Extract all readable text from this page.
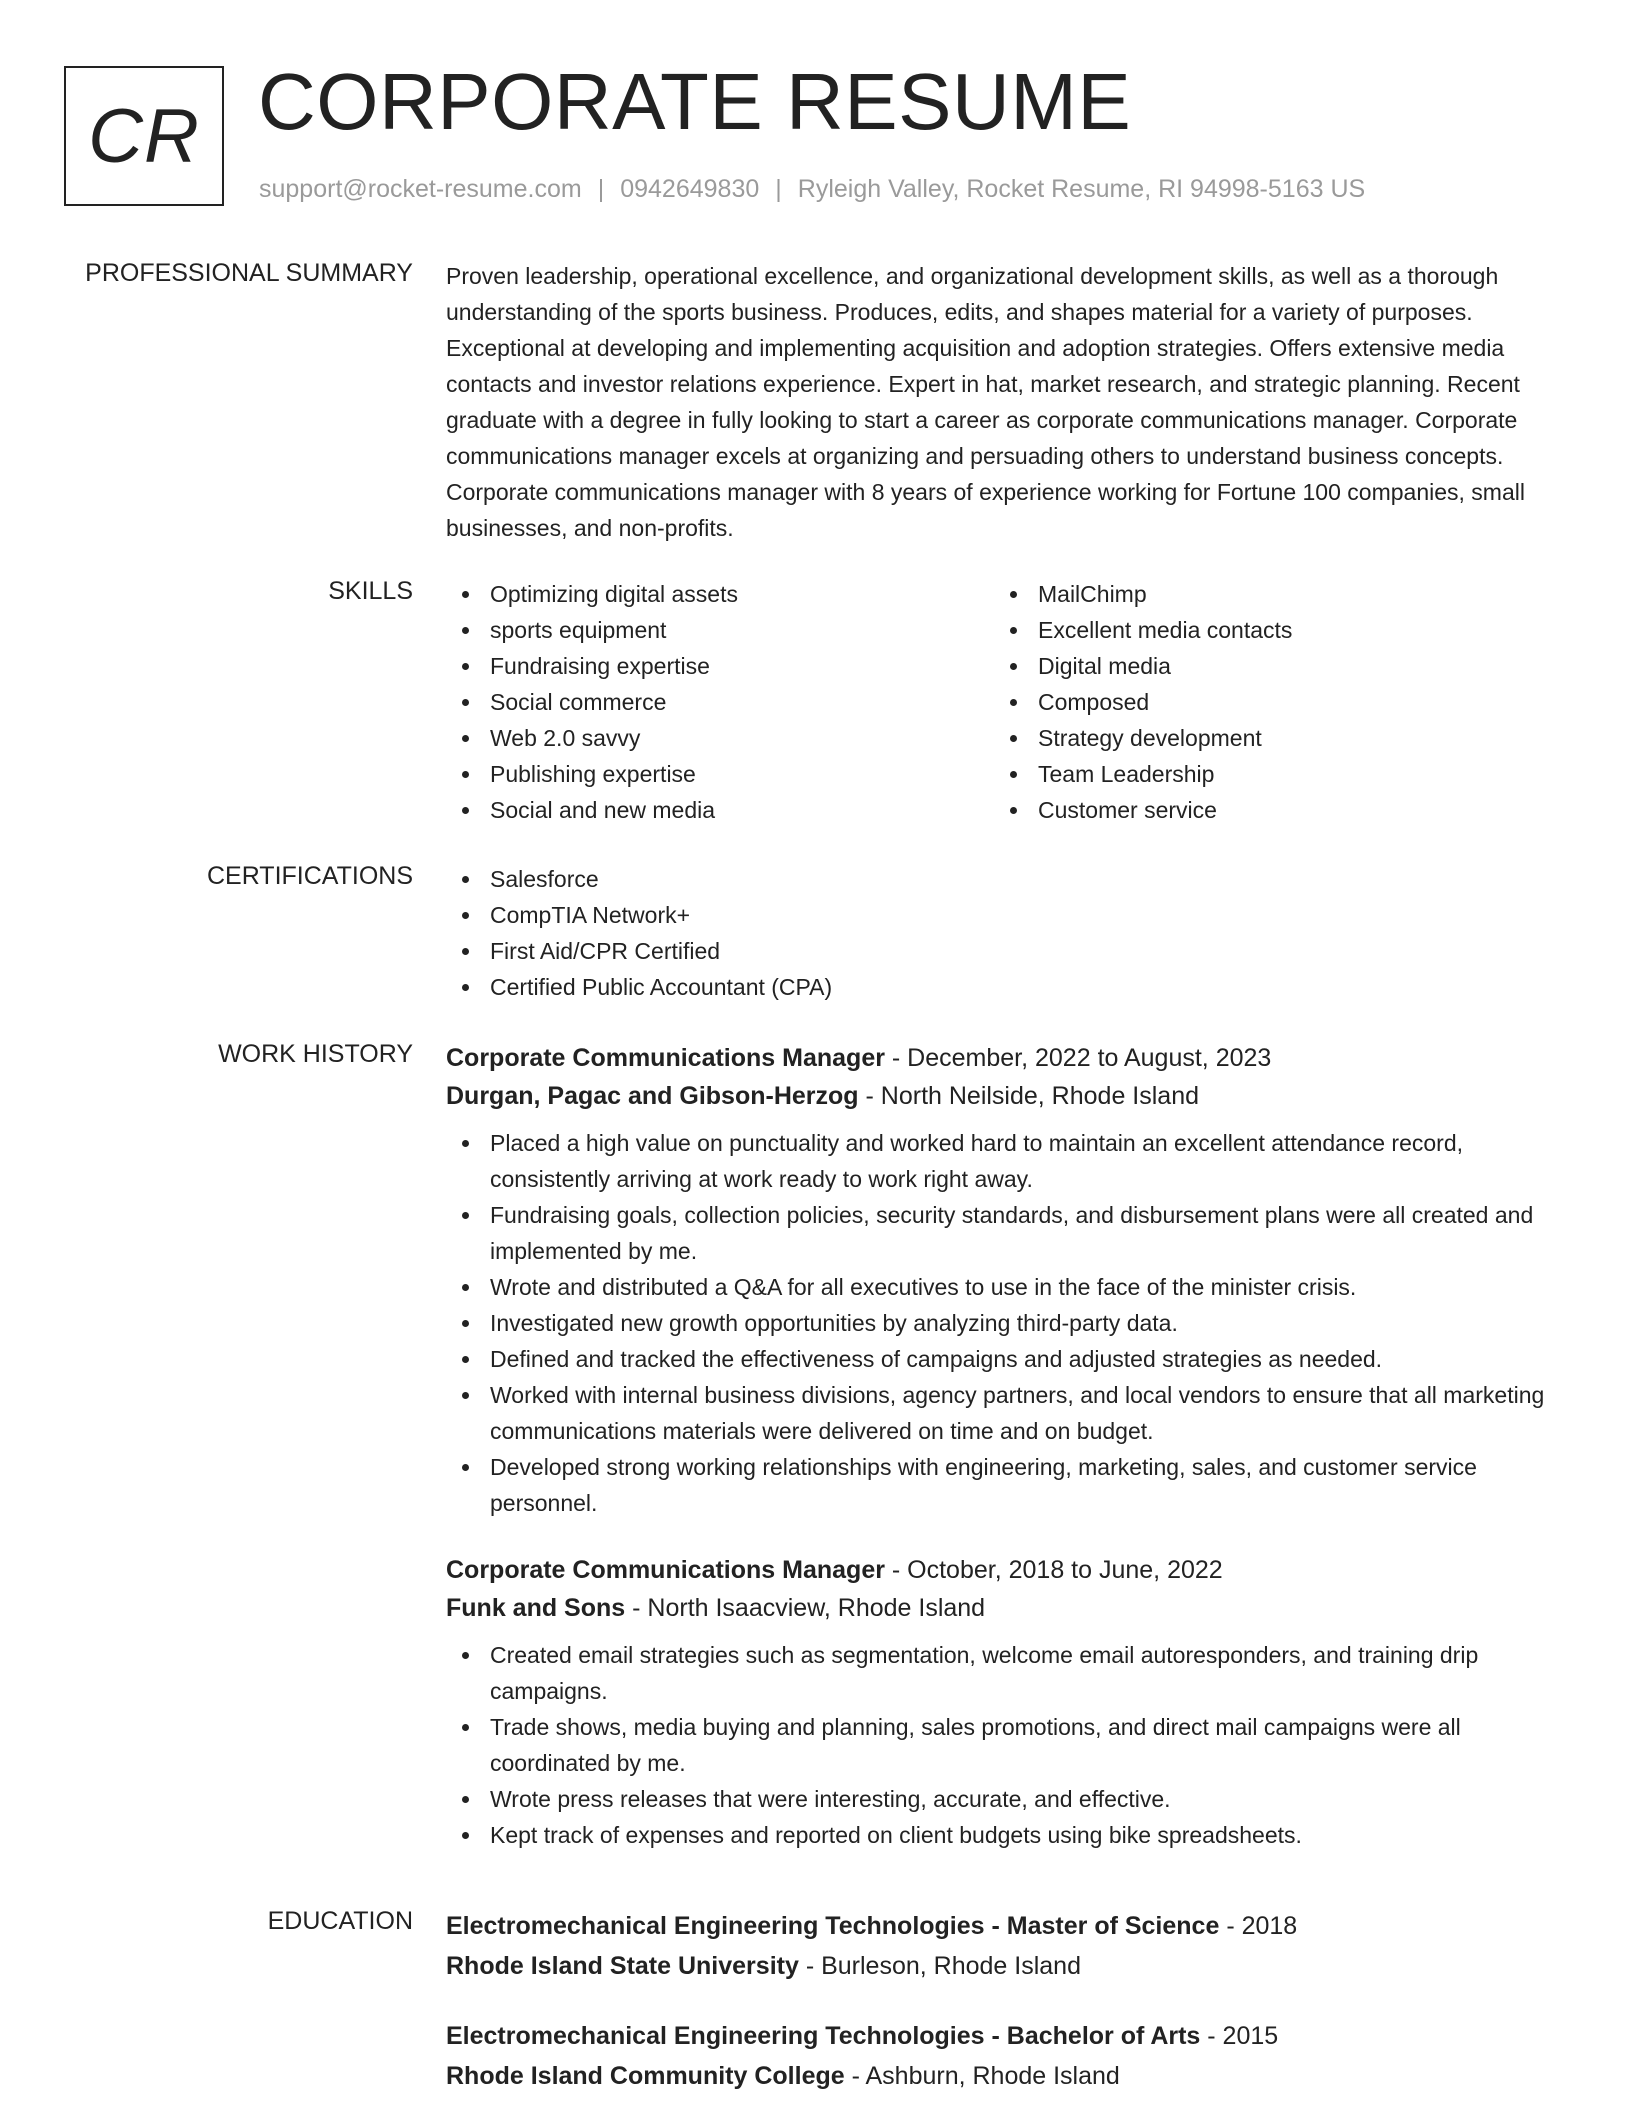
CR CORPORATE RESUME
support@rocket-resume.com | 0942649830 | Ryleigh Valley, Rocket Resume, RI 94998-5163 US
PROFESSIONAL SUMMARY Proven leadership, operational excellence, and organizational development skills, as well as a thorough understanding of the sports business. Produces, edits, and shapes material for a variety of purposes. Exceptional at developing and implementing acquisition and adoption strategies. Offers extensive media contacts and investor relations experience. Expert in hat, market research, and strategic planning. Recent graduate with a degree in fully looking to start a career as corporate communications manager. Corporate communications manager excels at organizing and persuading others to understand business concepts. Corporate communications manager with 8 years of experience working for Fortune 100 companies, small businesses, and non-profits.

SKILLS	Optimizing digital assets
sports equipment
Fundraising expertise
Social commerce
Web 2.0 savvy
Publishing expertise
Social and new media
MailChimp
Excellent media contacts
Digital media
Composed
Strategy development
Team Leadership
Customer service
CERTIFICATIONS	Salesforce
CompTIA Network+
First Aid/CPR Certified
Certified Public Accountant (CPA)
WORK HISTORY Corporate Communications Manager - December, 2022 to August, 2023
Durgan, Pagac and Gibson-Herzog - North Neilside, Rhode Island
Placed a high value on punctuality and worked hard to maintain an excellent attendance record, consistently arriving at work ready to work right away.
Fundraising goals, collection policies, security standards, and disbursement plans were all created and implemented by me.
Wrote and distributed a Q&A for all executives to use in the face of the minister crisis.
Investigated new growth opportunities by analyzing third-party data.
Defined and tracked the effectiveness of campaigns and adjusted strategies as needed.
Worked with internal business divisions, agency partners, and local vendors to ensure that all marketing communications materials were delivered on time and on budget.
Developed strong working relationships with engineering, marketing, sales, and customer service personnel.
Corporate Communications Manager - October, 2018 to June, 2022
Funk and Sons - North Isaacview, Rhode Island
Created email strategies such as segmentation, welcome email autoresponders, and training drip campaigns.
Trade shows, media buying and planning, sales promotions, and direct mail campaigns were all coordinated by me.
Wrote press releases that were interesting, accurate, and effective.
Kept track of expenses and reported on client budgets using bike spreadsheets.
EDUCATION Electromechanical Engineering Technologies - Master of Science - 2018
Rhode Island State University - Burleson, Rhode Island
Electromechanical Engineering Technologies - Bachelor of Arts - 2015
Rhode Island Community College - Ashburn, Rhode Island
